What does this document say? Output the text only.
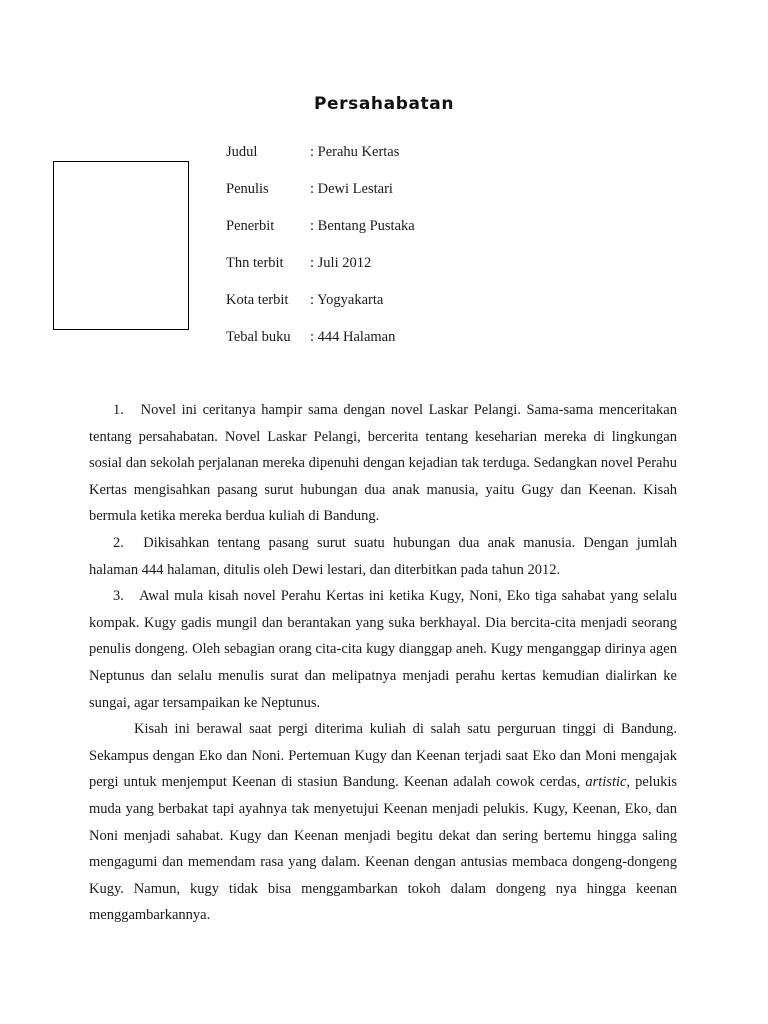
Persahabatan
Judul	: Perahu Kertas
Penulis	: Dewi Lestari
Penerbit : Bentang Pustaka
Thn terbit : Juli 2012
Kota terbit : Yogyakarta
Tebal buku : 444 Halaman

1. Novel ini ceritanya hampir sama dengan novel Laskar Pelangi. Sama-sama menceritakan tentang persahabatan. Novel Laskar Pelangi, bercerita tentang keseharian mereka di lingkungan sosial dan sekolah perjalanan mereka dipenuhi dengan kejadian tak terduga. Sedangkan novel Perahu Kertas mengisahkan pasang surut hubungan dua anak manusia, yaitu Gugy dan Keenan. Kisah bermula ketika mereka berdua kuliah di Bandung.

2. Dikisahkan tentang pasang surut suatu hubungan dua anak manusia. Dengan jumlah halaman 444 halaman, ditulis oleh Dewi lestari, dan diterbitkan pada tahun 2012.

3. Awal mula kisah novel Perahu Kertas ini ketika Kugy, Noni, Eko tiga sahabat yang selalu kompak. Kugy gadis mungil dan berantakan yang suka berkhayal. Dia bercita-cita menjadi seorang penulis dongeng. Oleh sebagian orang cita-cita kugy dianggap aneh. Kugy menganggap dirinya agen Neptunus dan selalu menulis surat dan melipatnya menjadi perahu kertas kemudian dialirkan ke sungai, agar tersampaikan ke Neptunus.

Kisah ini berawal saat pergi diterima kuliah di salah satu perguruan tinggi di Bandung. Sekampus dengan Eko dan Noni. Pertemuan Kugy dan Keenan terjadi saat Eko dan Moni mengajak pergi untuk menjemput Keenan di stasiun Bandung. Keenan adalah cowok cerdas, artistic, pelukis muda yang berbakat tapi ayahnya tak menyetujui Keenan menjadi pelukis. Kugy, Keenan, Eko, dan Noni menjadi sahabat. Kugy dan Keenan menjadi begitu dekat dan sering bertemu hingga saling mengagumi dan memendam rasa yang dalam. Keenan dengan antusias membaca dongeng-dongeng Kugy. Namun, kugy tidak bisa menggambarkan tokoh dalam dongeng nya hingga keenan menggambarkannya.
